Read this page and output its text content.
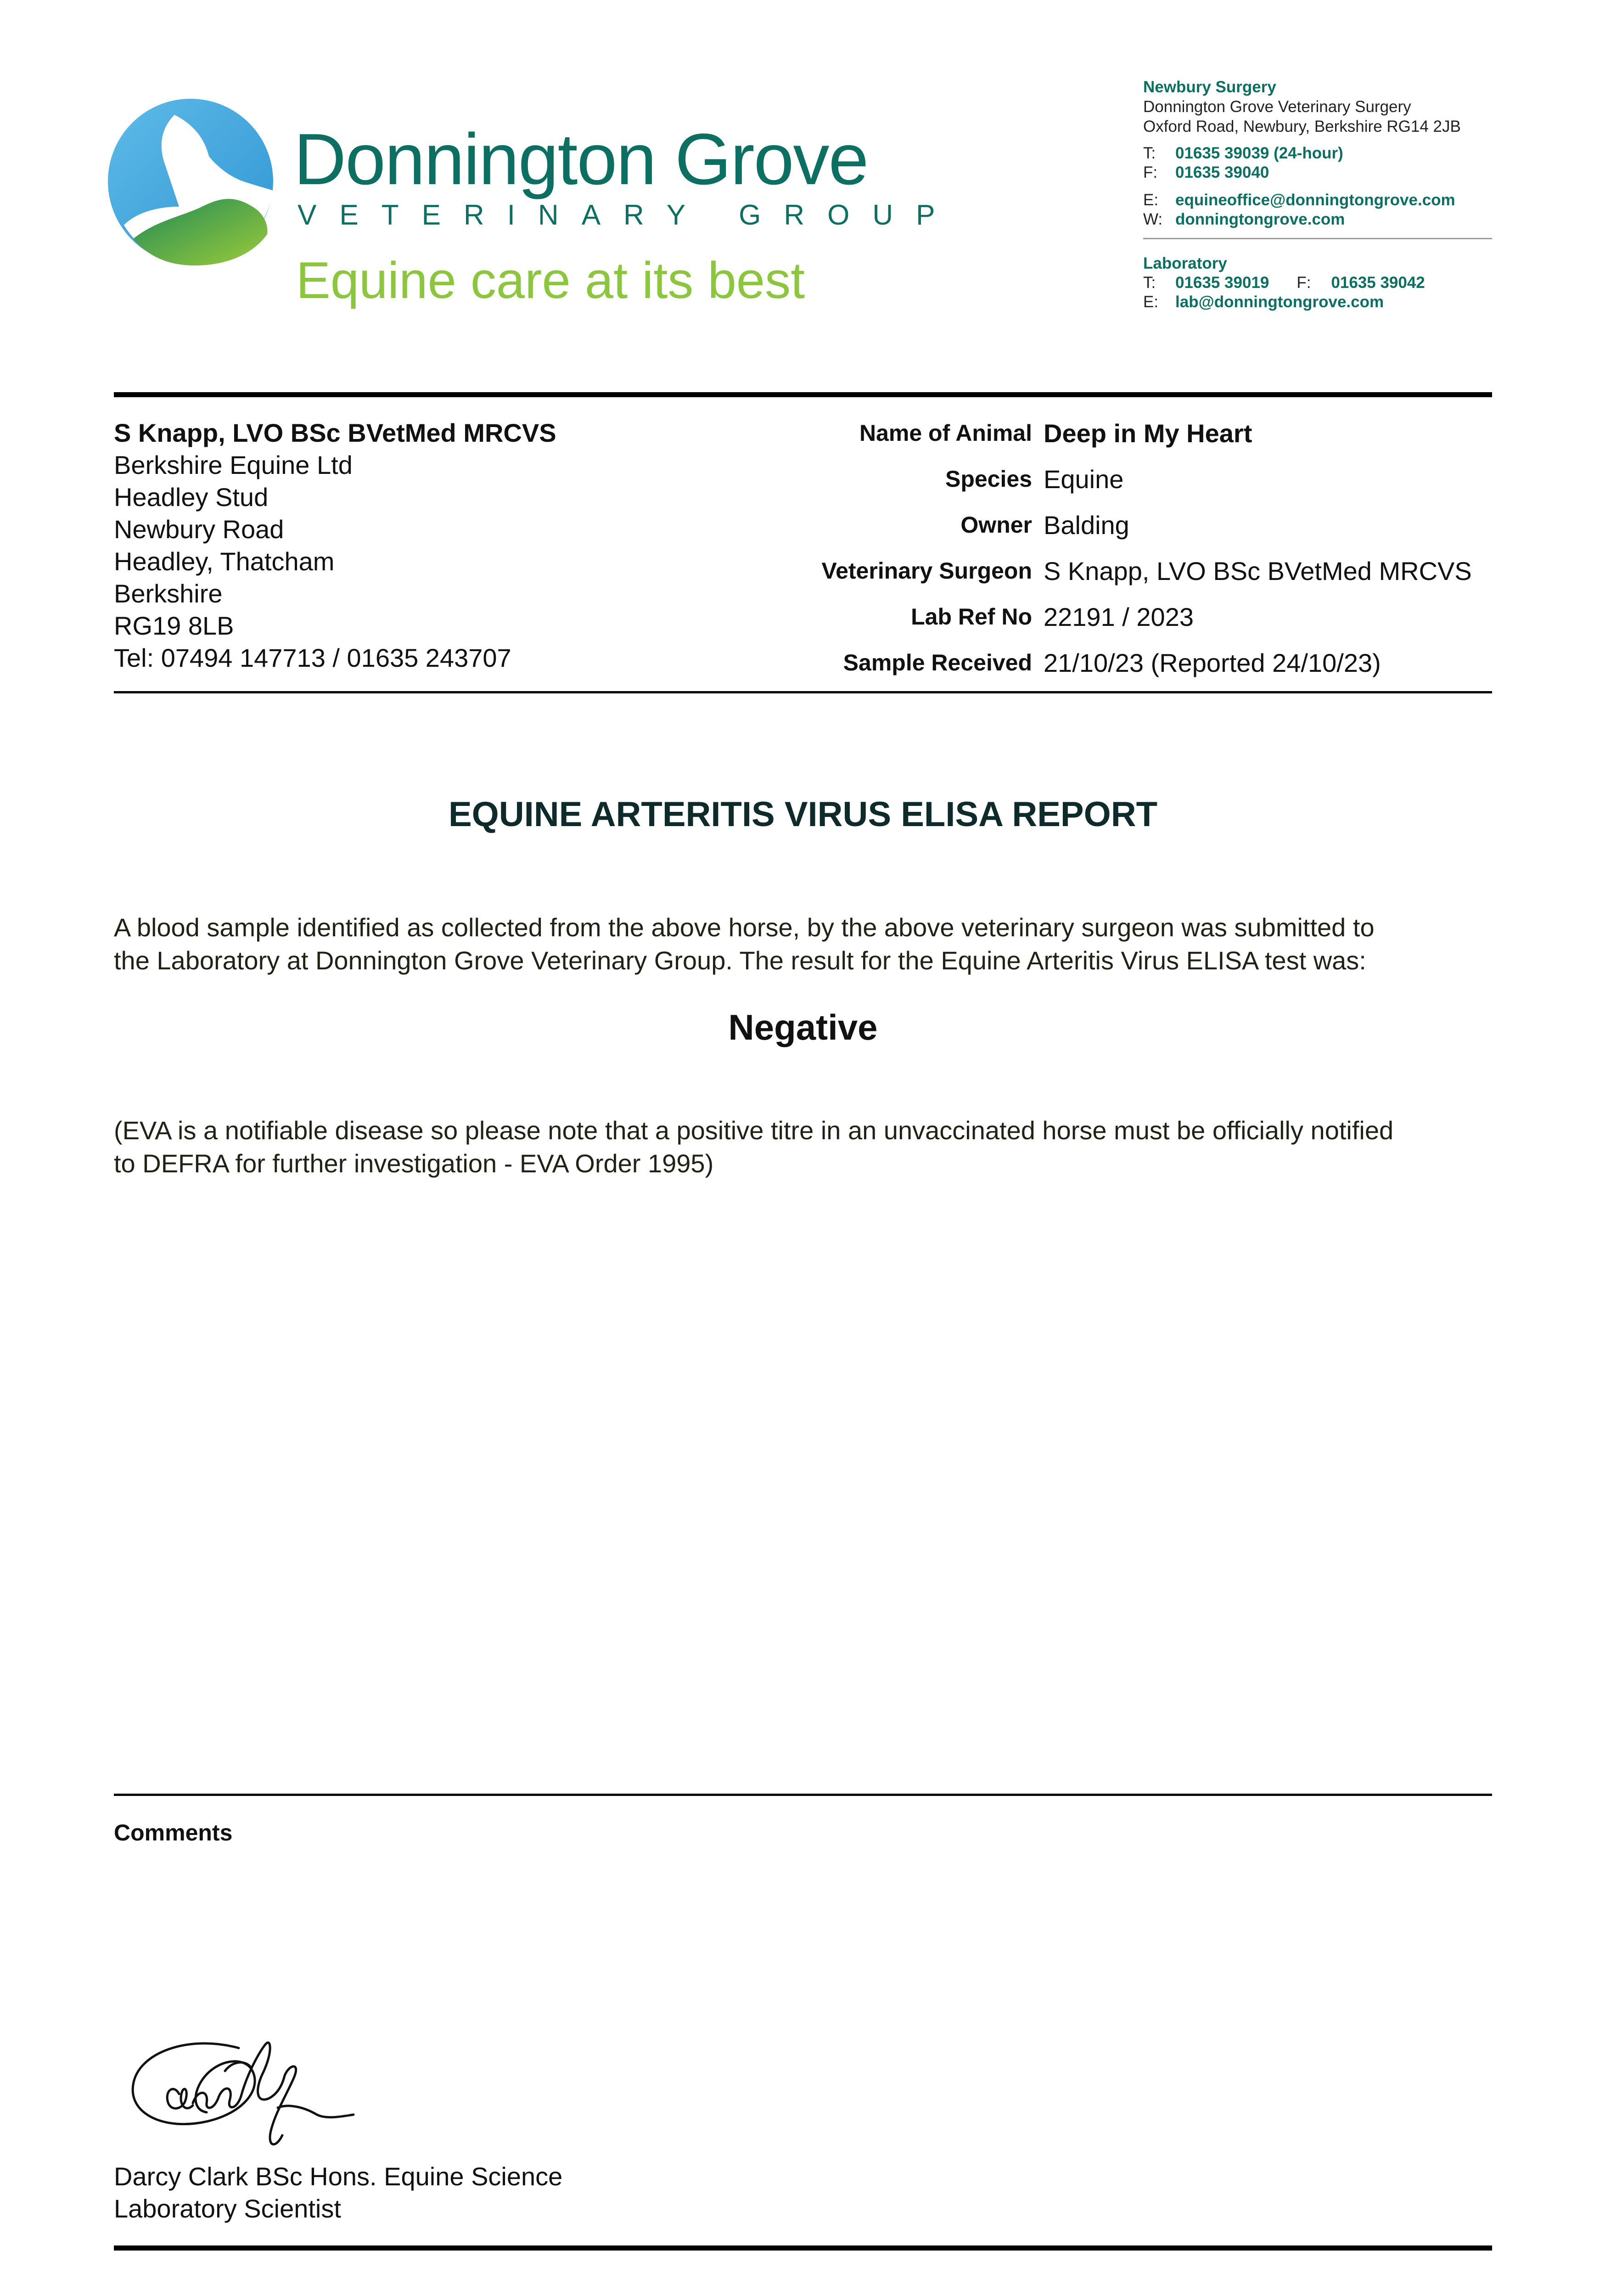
Donnington Grove
VETERINARY GROUP
Equine care at its best
Newbury Surgery
Donnington Grove Veterinary Surgery
Oxford Road, Newbury, Berkshire RG14 2JB
T: 01635 39039 (24-hour)
F: 01635 39040
E: equineoffice@donningtongrove.com
W: donningtongrove.com
Laboratory
T: 01635 39019 F: 01635 39042
E: lab@donningtongrove.com
S Knapp, LVO BSc BVetMed MRCVS
Berkshire Equine Ltd
Headley Stud
Newbury Road
Headley, Thatcham
Berkshire
RG19 8LB
Tel: 07494 147713 / 01635 243707
Name of Animal Deep in My Heart
Species Equine
Owner Balding
Veterinary Surgeon S Knapp, LVO BSc BVetMed MRCVS
Lab Ref No 22191 / 2023
Sample Received 21/10/23 (Reported 24/10/23)
EQUINE ARTERITIS VIRUS ELISA REPORT

A blood sample identified as collected from the above horse, by the above veterinary surgeon was submitted to

the Laboratory at Donnington Grove Veterinary Group. The result for the Equine Arteritis Virus ELISA test was:

Negative

(EVA is a notifiable disease so please note that a positive titre in an unvaccinated horse must be officially notified

to DEFRA for further investigation - EVA Order 1995)

Comments
Darcy Clark BSc Hons. Equine Science
Laboratory Scientist
